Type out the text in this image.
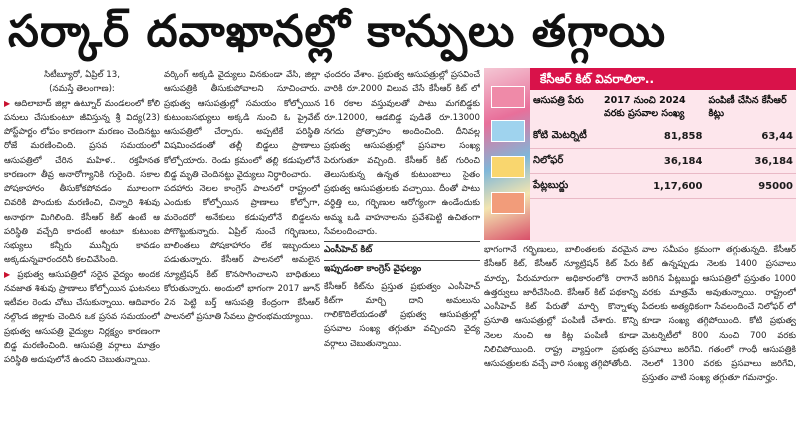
సర్కార్ దవాఖానల్లో కాన్పులు తగ్గాయి

సిటీబ్యూరో, ఏప్రిల్ 13,

(నమస్తే తెలంగాణ):

▶ ఆదిలాబాద్ జిల్లా ఉట్నూర్ మండలంలో కోలి పనులు చేసుకుంటూ జీవిస్తున్న శ్రీ విద్య(23) పోస్ట్‌పార్టం లోపం కారణంగా మరణం చెందినట్టు రోజే మరణించింది. ప్రసవ సమయంలో ఆసుపత్రిలో చేరిన మహిళ.. రక్తహీనత కారణంగా తీవ్ర అనారోగ్యానికి గురైంది. సకాల పోషకాహారం తీసుకోకపోవడం మూలంగా చివరికి పొందుకు మరణించి, చిన్నారి శిశువు అనాథగా మిగిలింది. కేసీఆర్ కిట్ ఉంటే ఆ పరిస్థితి వచ్చేది కాదంటే అంటూ కుటుంబ సభ్యులు కన్నీరు మున్నీరు కావడం అక్కడున్నవారందరినీ కలచివేసింది.

▶ ప్రభుత్వ ఆసుపత్రిలో సరైన వైద్యం అందక నవజాత శిశువు ప్రాణాలు కోల్పోయిన ఘటనలు ఇటీవల రెండు చోటు చేసుకున్నాయి. ఆదివారం నల్గొండ జిల్లాకు చెందిన ఒక ప్రసవ సమయంలో ప్రభుత్వ ఆసుపత్రి వైద్యుల నిర్లక్ష్యం కారణంగా బిడ్డ మరణించింది. ఆసుపత్రి వర్గాలు మాత్రం పరిస్థితి అదుపులోనే ఉందని చెబుతున్నాయి.

వర్కింగ్ అక్కడి వైద్యులు వినకుండా వేసి, జిల్లా ఆసుపత్రికి తీసుకుపోవాలని సూచించారు. ప్రభుత్వ ఆసుపత్రుల్లో సమయం కోల్పోయిన కుటుంబసభ్యులు అక్కడి నుంచి ఓ ప్రైవేట్ ఆసుపత్రిలో చేర్పారు. అప్పటికే పరిస్థితి విషమించడంతో తల్లీ బిడ్డలు ప్రాణాలు కోల్పోయారు. రెండు క్రమంలో తల్లి కడుపులోనే బిడ్డ మృతి చెందినట్టు వైద్యులు నిర్ధారించారు.

పదహారు నెలల కాంగ్రెస్ పాలనలో రాష్ట్రంలో ఎందుకు కోల్పోయిన ప్రాణాలు కోల్పోగా, మరెందరో అనేకులు కడుపులోనే బిడ్డలను పోగొట్టుకున్నారు. ఏప్రిల్ నుంచే గర్భిణులు, బాలింతలు పోషకాహారం లేక ఇబ్బందులు పడుతున్నారు. కేసీఆర్ పాలనలో అమలైన న్యూట్రిషన్ కిట్ కొనసాగించాలని బాధితులు కోరుతున్నారు. అందులో భాగంగా 2017 జూన్ 2న పెట్టి బర్త్ ఆసుపత్రి కేంద్రంగా కేసీఆర్ పాలనలో ప్రసూతి సేవలు ప్రారంభమయ్యాయి.

ఛందరం వేశాం. ప్రభుత్వ ఆసుపత్రుల్లో ప్రసవించే వారికి రూ.2000 విలువ చేసే కేసీఆర్ కిట్ లో 16 రకాల వస్తువులతో పాటు మగబిడ్డకు రూ.12000, ఆడబిడ్డ పుడితే రూ.13000 నగదు ప్రోత్సాహం అందించింది. దీనివల్ల ప్రభుత్వ ఆసుపత్రుల్లో ప్రసవాల సంఖ్య పెరుగుతూ వచ్చింది. కేసీఆర్ కిట్ గురించి తెలుసుకున్న ఉన్నత కుటుంబాలు సైతం ప్రభుత్వ ఆసుపత్రులకు వచ్చాయి. దీంతో పాటు వర్ధిత్తి లు, గర్భిణుల ఆరోగ్యంగా ఉండేందుకు అమ్మ ఒడి వాహనాలను ప్రవేశపెట్టి ఉచితంగా సేవలందించారు.

ఎంసీహెచ్ కిట్
ఇప్పుడంతా కాంగ్రెస్ వైఫల్యం

కేసీఆర్ కిట్‌ను ప్రస్తుత ప్రభుత్వం ఎంసీహెచ్ కిట్‌గా మార్చి దాని అమలును గాలికొదిలేయడంతో ప్రభుత్వ ఆసుపత్రుల్లో ప్రసవాల సంఖ్య తగ్గుతూ వచ్చిందని వైద్య వర్గాలు చెబుతున్నాయి.

కేసీఆర్ కిట్ వివరాలిలా..
ఆసుపత్రి పేరు	2017 నుంచి 2024 వరకు ప్రసవాల సంఖ్య	పంపిణీ చేసిన కేసీఆర్ కిట్లు
కోటి మెటర్నిటీ	81,858	63,44
నిలోఫర్	36,184	36,184
పేట్లబుర్జు	1,17,600	95000

భాగంగానే గర్భిణులు, బాలింతలకు వరమైన కేసీఆర్ కిట్, కేసీఆర్ న్యూట్రిషన్ కిట్ పేరు మార్పు, పేరుమారుగా అధికారంలోకి రాగానే ఉత్తర్వులు జారీచేసింది. కేసీఆర్ కిట్ పథకాన్ని ఎంసీహెచ్ కిట్ పేరుతో మార్చి కొన్నాళ్ళు ప్రసూతి ఆసుపత్రుల్లో పంపిణీ చేశారు. కొన్ని నెలల నుంచి ఆ కిట్ల పంపిణీ కూడా నిలిచిపోయింది. రాష్ట్ర వ్యాప్తంగా ప్రభుత్వ ఆసుపత్రులకు వచ్చే వారి సంఖ్య తగ్గిపోతోంది.

వాల సమీపం క్రమంగా తగ్గుతున్నది. కేసీఆర్ కిట్ ఉన్నప్పుడు నెలకు 1400 ప్రసవాలు జరిగిన పేట్లబుర్జు ఆసుపత్రిలో ప్రస్తుతం 1000 వరకు మాత్రమే అవుతున్నాయి. రాష్ట్రంలో పేదలకు అత్యధికంగా సేవలందించే నిలోఫర్ లో కూడా సంఖ్య తగ్గిపోయింది. కోటి ప్రభుత్వ మెటర్నిటీలో 800 నుంచి 700 వరకు ప్రసవాలు జరిగేవి. గతంలో గాంధీ ఆసుపత్రికి నెలలో 1300 వరకు ప్రసవాలు జరిగేవి, ప్రస్తుతం వాటి సంఖ్య తగ్గుతూ గమనార్హం.
